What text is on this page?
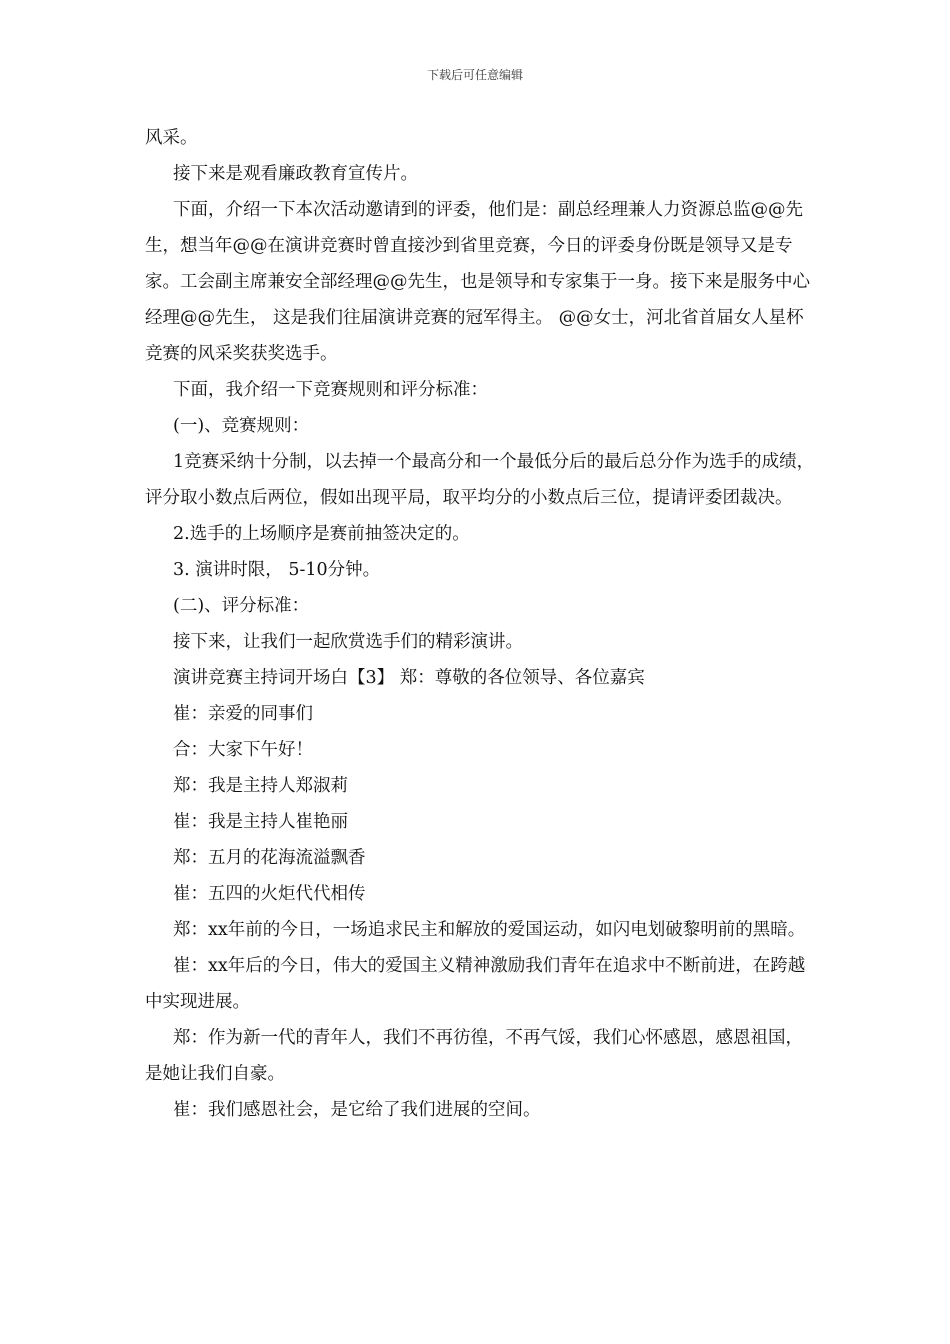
下载后可任意编辑

风采。

接下来是观看廉政教育宣传片。

下面，介绍一下本次活动邀请到的评委，他们是：副总经理兼人力资源总监@@先生，想当年@@在演讲竞赛时曾直接沙到省里竞赛，今日的评委身份既是领导又是专家。工会副主席兼安全部经理@@先生，也是领导和专家集于一身。接下来是服务中心经理@@先生， 这是我们往届演讲竞赛的冠军得主。 @@女士，河北省首届女人星杯竞赛的风采奖获奖选手。

下面，我介绍一下竞赛规则和评分标准：

(一)、竞赛规则：

1竞赛采纳十分制，以去掉一个最高分和一个最低分后的最后总分作为选手的成绩，评分取小数点后两位，假如出现平局，取平均分的小数点后三位，提请评委团裁决。

2.选手的上场顺序是赛前抽签决定的。

3. 演讲时限， 5-10分钟。

(二)、评分标准：

接下来，让我们一起欣赏选手们的精彩演讲。

演讲竞赛主持词开场白【3】 郑：尊敬的各位领导、各位嘉宾

崔：亲爱的同事们

合：大家下午好！

郑：我是主持人郑淑莉

崔：我是主持人崔艳丽

郑：五月的花海流溢飘香

崔：五四的火炬代代相传

郑：xx年前的今日，一场追求民主和解放的爱国运动，如闪电划破黎明前的黑暗。

崔：xx年后的今日，伟大的爱国主义精神激励我们青年在追求中不断前进，在跨越中实现进展。

郑：作为新一代的青年人，我们不再彷徨，不再气馁，我们心怀感恩，感恩祖国，是她让我们自豪。

崔：我们感恩社会，是它给了我们进展的空间。
